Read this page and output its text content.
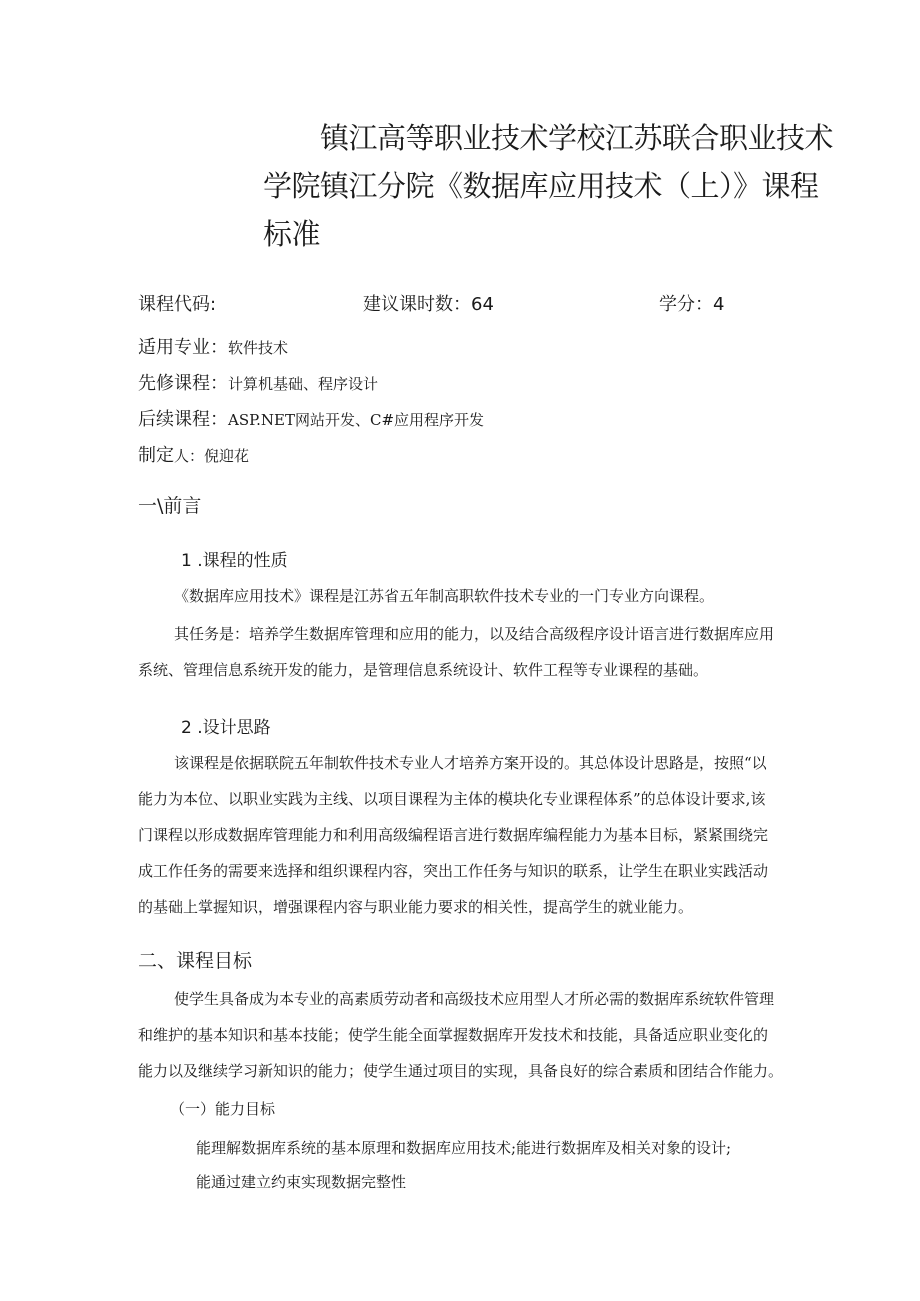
镇江高等职业技术学校江苏联合职业技术
学院镇江分院《数据库应用技术（上）》课程
标准
课程代码:	建议课时数：64	学分：4
适用专业：软件技术
先修课程：计算机基础、程序设计
后续课程：ASP.NET网站开发、C#应用程序开发
制定人：倪迎花
一\前言
1 .课程的性质
《数据库应用技术》课程是江苏省五年制高职软件技术专业的一门专业方向课程。
其任务是：培养学生数据库管理和应用的能力，以及结合高级程序设计语言进行数据库应用
系统、管理信息系统开发的能力，是管理信息系统设计、软件工程等专业课程的基础。
2 .设计思路
该课程是依据联院五年制软件技术专业人才培养方案开设的。其总体设计思路是，按照“以
能力为本位、以职业实践为主线、以项目课程为主体的模块化专业课程体系”的总体设计要求,该
门课程以形成数据库管理能力和利用高级编程语言进行数据库编程能力为基本目标，紧紧围绕完
成工作任务的需要来选择和组织课程内容，突出工作任务与知识的联系，让学生在职业实践活动
的基础上掌握知识，增强课程内容与职业能力要求的相关性，提高学生的就业能力。
二、课程目标
使学生具备成为本专业的高素质劳动者和高级技术应用型人才所必需的数据库系统软件管理
和维护的基本知识和基本技能；使学生能全面掌握数据库开发技术和技能，具备适应职业变化的
能力以及继续学习新知识的能力；使学生通过项目的实现，具备良好的综合素质和团结合作能力。
（一）能力目标
能理解数据库系统的基本原理和数据库应用技术;能进行数据库及相关对象的设计;
能通过建立约束实现数据完整性
